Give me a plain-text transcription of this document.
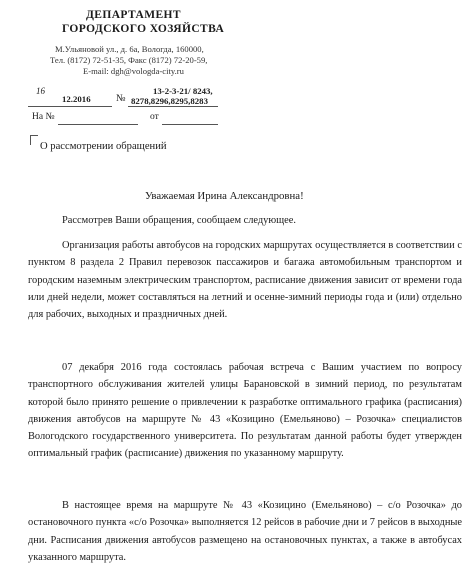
ДЕПАРТАМЕНТ
ГОРОДСКОГО ХОЗЯЙСТВА
М.Ульяновой ул., д. 6а, Вологда, 160000,
Тел. (8172) 72-51-35, Факс (8172) 72-20-59,
E-mail: dgh@vologda-city.ru
16
12.2016	№
13-2-3-21/ 8243,
8278,8296,8295,8283
На №	от
О рассмотрении обращений
Уважаемая Ирина Александровна!
Рассмотрев Ваши обращения, сообщаем следующее.
Организация работы автобусов на городских маршрутах осуществляется в соответствии с пунктом 8 раздела 2 Правил перевозок пассажиров и багажа автомобильным транспортом и городским наземным электрическим транспортом, расписание движения зависит от времени года или дней недели, может составляться на летний и осенне-зимний периоды года и (или) отдельно для рабочих, выходных и праздничных дней.
07 декабря 2016 года состоялась рабочая встреча с Вашим участием по вопросу транспортного обслуживания жителей улицы Барановской в зимний период, по результатам которой было принято решение о привлечении к разработке оптимального графика (расписания) движения автобусов на маршруте № 43 «Козицино (Емельяново) – Розочка» специалистов Вологодского государственного университета. По результатам данной работы будет утвержден оптимальный график (расписание) движения по указанному маршруту.
В настоящее время на маршруте № 43 «Козицино (Емельяново) – с/о Розочка» до остановочного пункта «с/о Розочка» выполняется 12 рейсов в рабочие дни и 7 рейсов в выходные дни. Расписания движения автобусов размещено на остановочных пунктах, а также в автобусах указанного маршрута.
